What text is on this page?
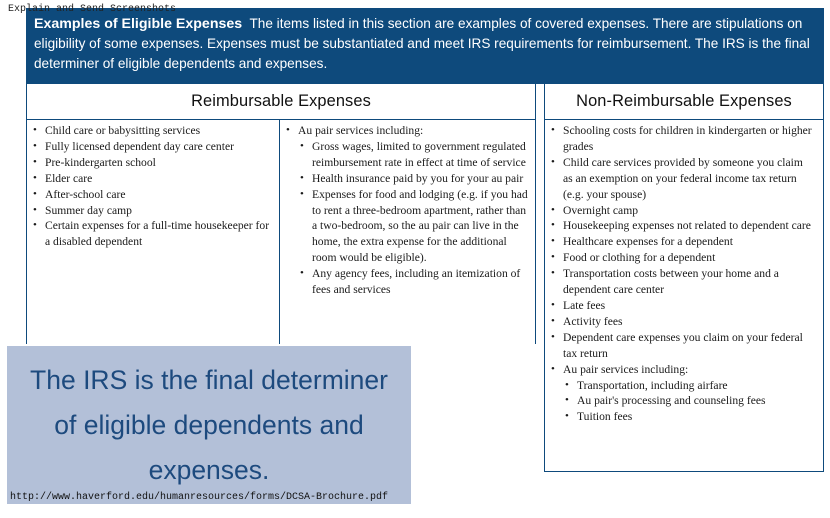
Explain and Send Screenshots
Examples of Eligible Expenses The items listed in this section are examples of covered expenses. There are stipulations on eligibility of some expenses. Expenses must be substantiated and meet IRS requirements for reimbursement. The IRS is the final determiner of eligible dependents and expenses.
Reimbursable Expenses
• Child care or babysitting services
• Fully licensed dependent day care center
• Pre-kindergarten school
• Elder care
• After-school care
• Summer day camp
• Certain expenses for a full-time housekeeper for a disabled dependent
• Au pair services including:
• Gross wages, limited to government regulated reimbursement rate in effect at time of service
• Health insurance paid by you for your au pair
• Expenses for food and lodging (e.g. if you had to rent a three-bedroom apartment, rather than a two-bedroom, so the au pair can live in the home, the extra expense for the additional room would be eligible).
• Any agency fees, including an itemization of fees and services
Non-Reimbursable Expenses
• Schooling costs for children in kindergarten or higher grades
• Child care services provided by someone you claim as an exemption on your federal income tax return (e.g. your spouse)
• Overnight camp
• Housekeeping expenses not related to dependent care
• Healthcare expenses for a dependent
• Food or clothing for a dependent
• Transportation costs between your home and a dependent care center
• Late fees
• Activity fees
• Dependent care expenses you claim on your federal tax return
• Au pair services including:
• Transportation, including airfare
• Au pair's processing and counseling fees
• Tuition fees
The IRS is the final determiner
of eligible dependents and
expenses.
http://www.haverford.edu/humanresources/forms/DCSA-Brochure.pdf
